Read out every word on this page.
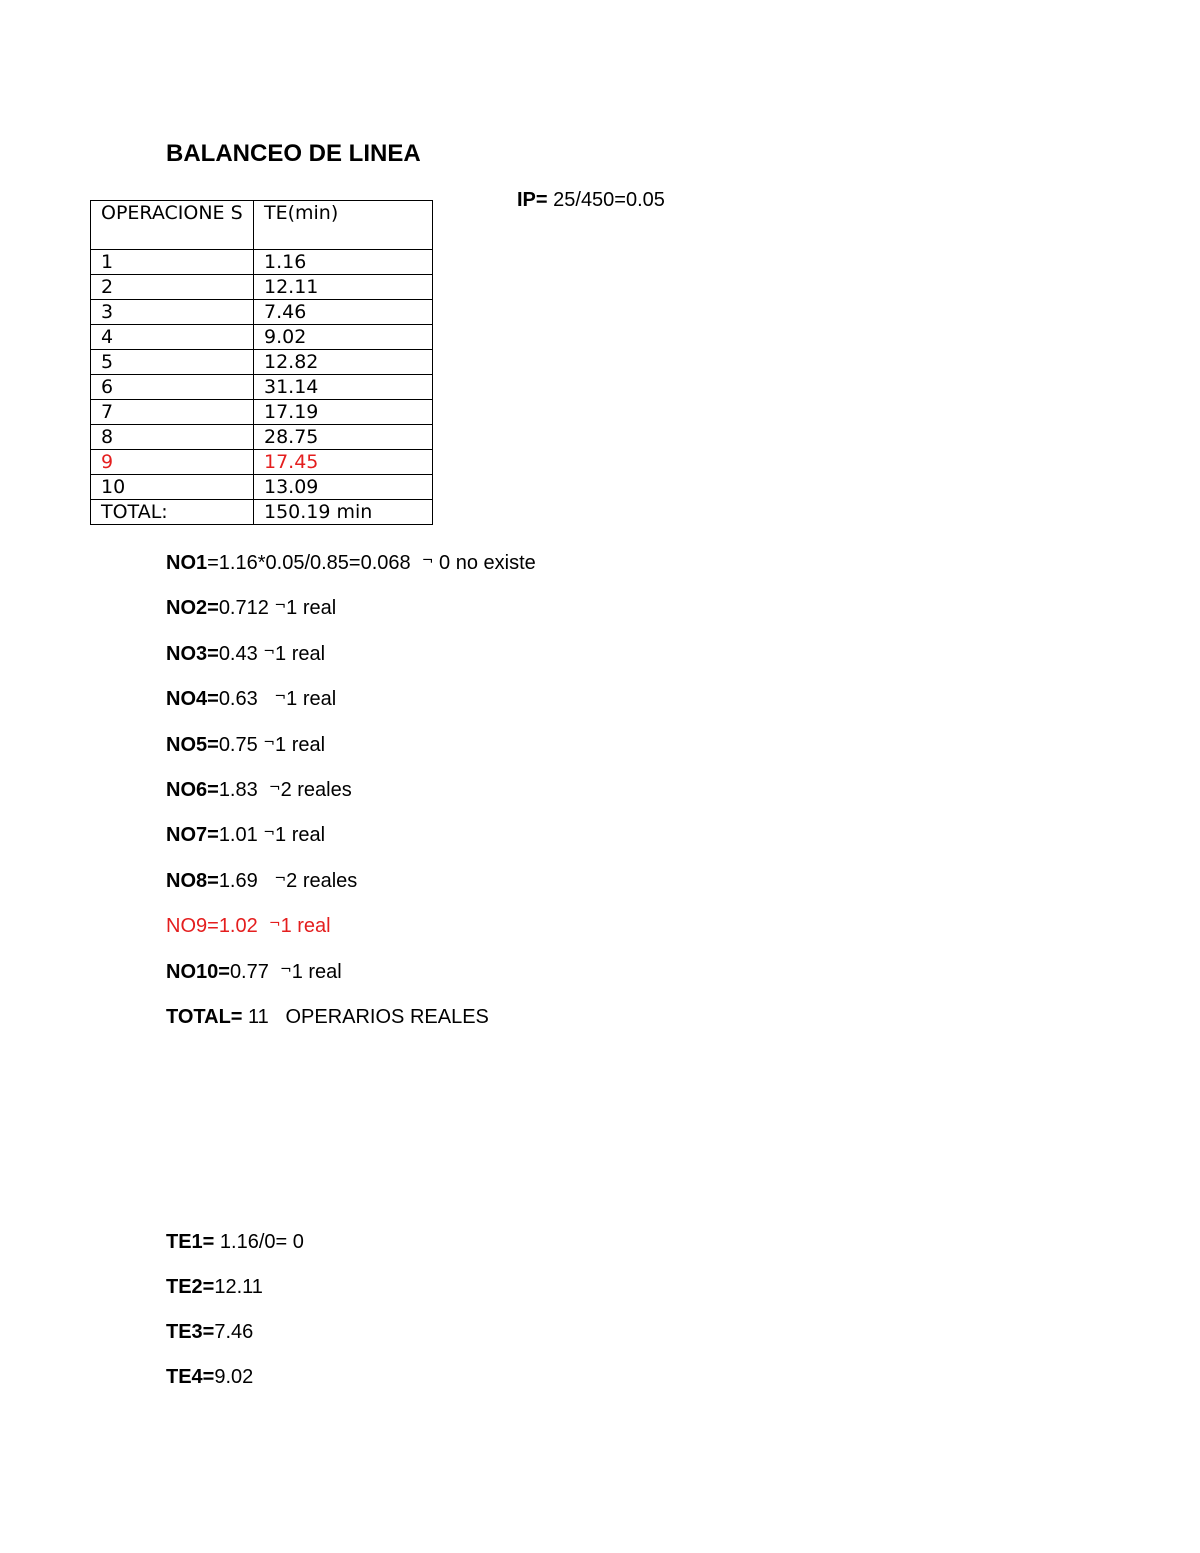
BALANCEO DE LINEA
IP= 25/450=0.05
OPERACIONE S	TE(min)
1	1.16
2	12.11
3	7.46
4	9.02
5	12.82
6	31.14
7	17.19
8	28.75
9	17.45
10	13.09
TOTAL:	150.19 min
NO1=1.16*0.05/0.85=0.068  ¬ 0 no existe
NO2=0.712 ¬1 real
NO3=0.43 ¬1 real
NO4=0.63   ¬1 real
NO5=0.75 ¬1 real
NO6=1.83  ¬2 reales
NO7=1.01 ¬1 real
NO8=1.69   ¬2 reales
NO9=1.02  ¬1 real
NO10=0.77  ¬1 real
TOTAL= 11   OPERARIOS REALES
TE1= 1.16/0= 0
TE2=12.11
TE3=7.46
TE4=9.02
